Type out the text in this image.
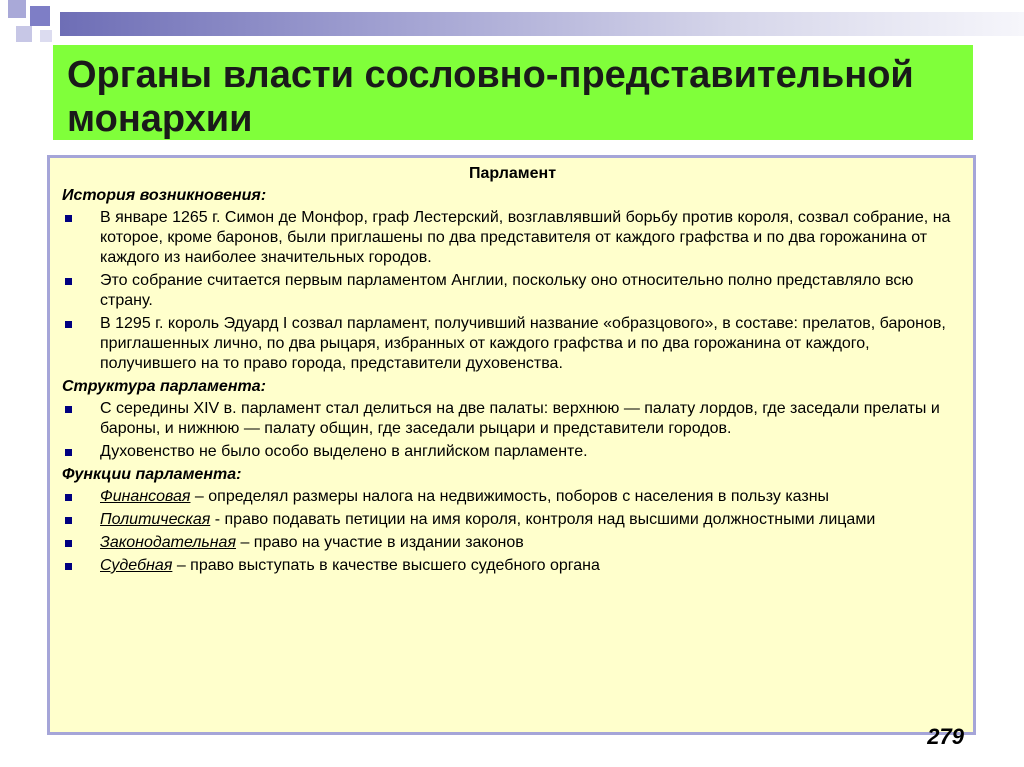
Органы власти сословно-представительной монархии
Парламент
История возникновения:
В январе 1265 г. Симон де Монфор, граф Лестерский, возглавлявший борьбу против короля, созвал собрание, на которое, кроме баронов, были приглашены по два представителя от каждого графства и по два горожанина от каждого из наиболее значительных городов.
Это собрание считается первым парламентом Англии, поскольку оно относительно полно представляло всю страну.
В 1295 г. король Эдуард I созвал парламент, получивший название «образцового», в составе: прелатов, баронов, приглашенных лично, по два рыцаря, избранных от каждого графства и по два горожанина от каждого, получившего на то право города, представители духовенства.
Структура парламента:
С середины XIV в. парламент стал делиться на две палаты: верхнюю — палату лордов, где заседали прелаты и бароны, и нижнюю — палату общин, где заседали рыцари и представители городов.
Духовенство не было особо выделено в английском парламенте.
Функции парламента:
Финансовая – определял размеры налога на недвижимость, поборов с населения в пользу казны
Политическая - право подавать петиции на имя короля, контроля над высшими должностными лицами
Законодательная – право на участие в издании законов
Судебная – право выступать в качестве высшего судебного органа
279
